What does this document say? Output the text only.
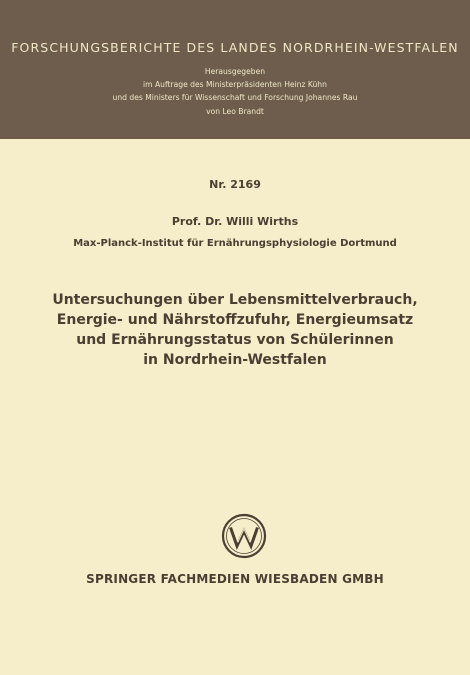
FORSCHUNGSBERICHTE DES LANDES NORDRHEIN-WESTFALEN
Herausgegeben
im Auftrage des Ministerpräsidenten Heinz Kühn
und des Ministers für Wissenschaft und Forschung Johannes Rau
von Leo Brandt
Nr. 2169
Prof. Dr. Willi Wirths
Max-Planck-Institut für Ernährungsphysiologie Dortmund
Untersuchungen über Lebensmittelverbrauch,
Energie- und Nährstoffzufuhr, Energieumsatz
und Ernährungsstatus von Schülerinnen
in Nordrhein-Westfalen
SPRINGER FACHMEDIEN WIESBADEN GMBH
